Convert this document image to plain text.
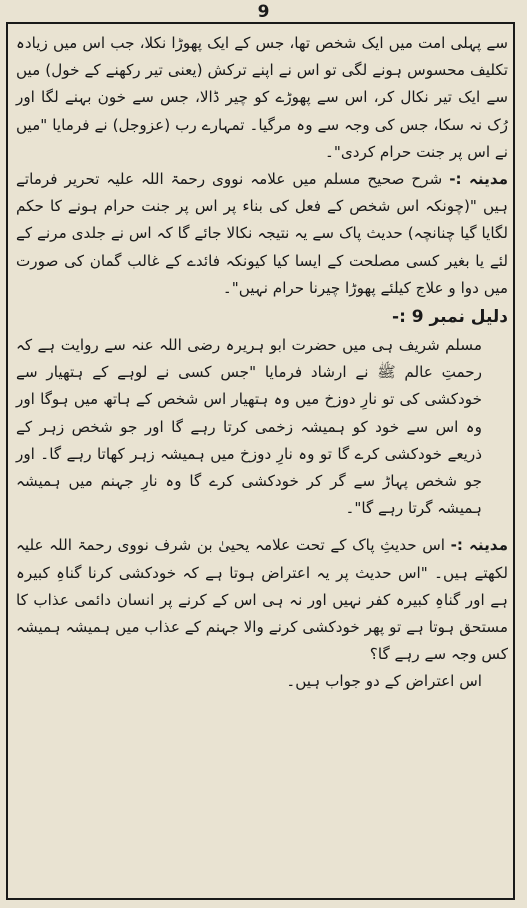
9

سے پہلی امت میں ایک شخص تھا، جس کے ایک پھوڑا نکلا، جب اس میں زیادہ تکلیف محسوس ہونے لگی تو اس نے اپنے ترکش (یعنی تیر رکھنے کے خول) میں سے ایک تیر نکال کر، اس سے پھوڑے کو چیر ڈالا، جس سے خون بہنے لگا اور رُک نہ سکا، جس کی وجہ سے وہ مرگیا۔ تمہارے رب (عزوجل) نے فرمایا "میں نے اس پر جنت حرام کردی"۔

مدینہ :- شرح صحیح مسلم میں علامہ نووی رحمۃ اللہ علیہ تحریر فرماتے ہیں "(چونکہ اس شخص کے فعل کی بناء پر اس پر جنت حرام ہونے کا حکم لگایا گیا چنانچہ) حدیث پاک سے یہ نتیجہ نکالا جائے گا کہ اس نے جلدی مرنے کے لئے یا بغیر کسی مصلحت کے ایسا کیا کیونکہ فائدے کے غالب گمان کی صورت میں دوا و علاج کیلئے پھوڑا چیرنا حرام نہیں"۔

دلیل نمبر 9 :-

مسلم شریف ہی میں حضرت ابو ہریرہ رضی اللہ عنہ سے روایت ہے کہ رحمتِ عالم ﷺ نے ارشاد فرمایا "جس کسی نے لوہے کے ہتھیار سے خودکشی کی تو نارِ دوزخ میں وہ ہتھیار اس شخص کے ہاتھ میں ہوگا اور وہ اس سے خود کو ہمیشہ زخمی کرتا رہے گا اور جو شخص زہر کے ذریعے خودکشی کرے گا تو وہ نارِ دوزخ میں ہمیشہ زہر کھاتا رہے گا۔ اور جو شخص پہاڑ سے گر کر خودکشی کرے گا وہ نارِ جہنم میں ہمیشہ ہمیشہ گرتا رہے گا"۔

مدینہ :- اس حدیثِ پاک کے تحت علامہ یحییٰ بن شرف نووی رحمۃ اللہ علیہ لکھتے ہیں۔ "اس حدیث پر یہ اعتراض ہوتا ہے کہ خودکشی کرنا گناہِ کبیرہ ہے اور گناہِ کبیرہ کفر نہیں اور نہ ہی اس کے کرنے پر انسان دائمی عذاب کا مستحق ہوتا ہے تو پھر خودکشی کرنے والا جہنم کے عذاب میں ہمیشہ ہمیشہ کس وجہ سے رہے گا؟

اس اعتراض کے دو جواب ہیں۔
